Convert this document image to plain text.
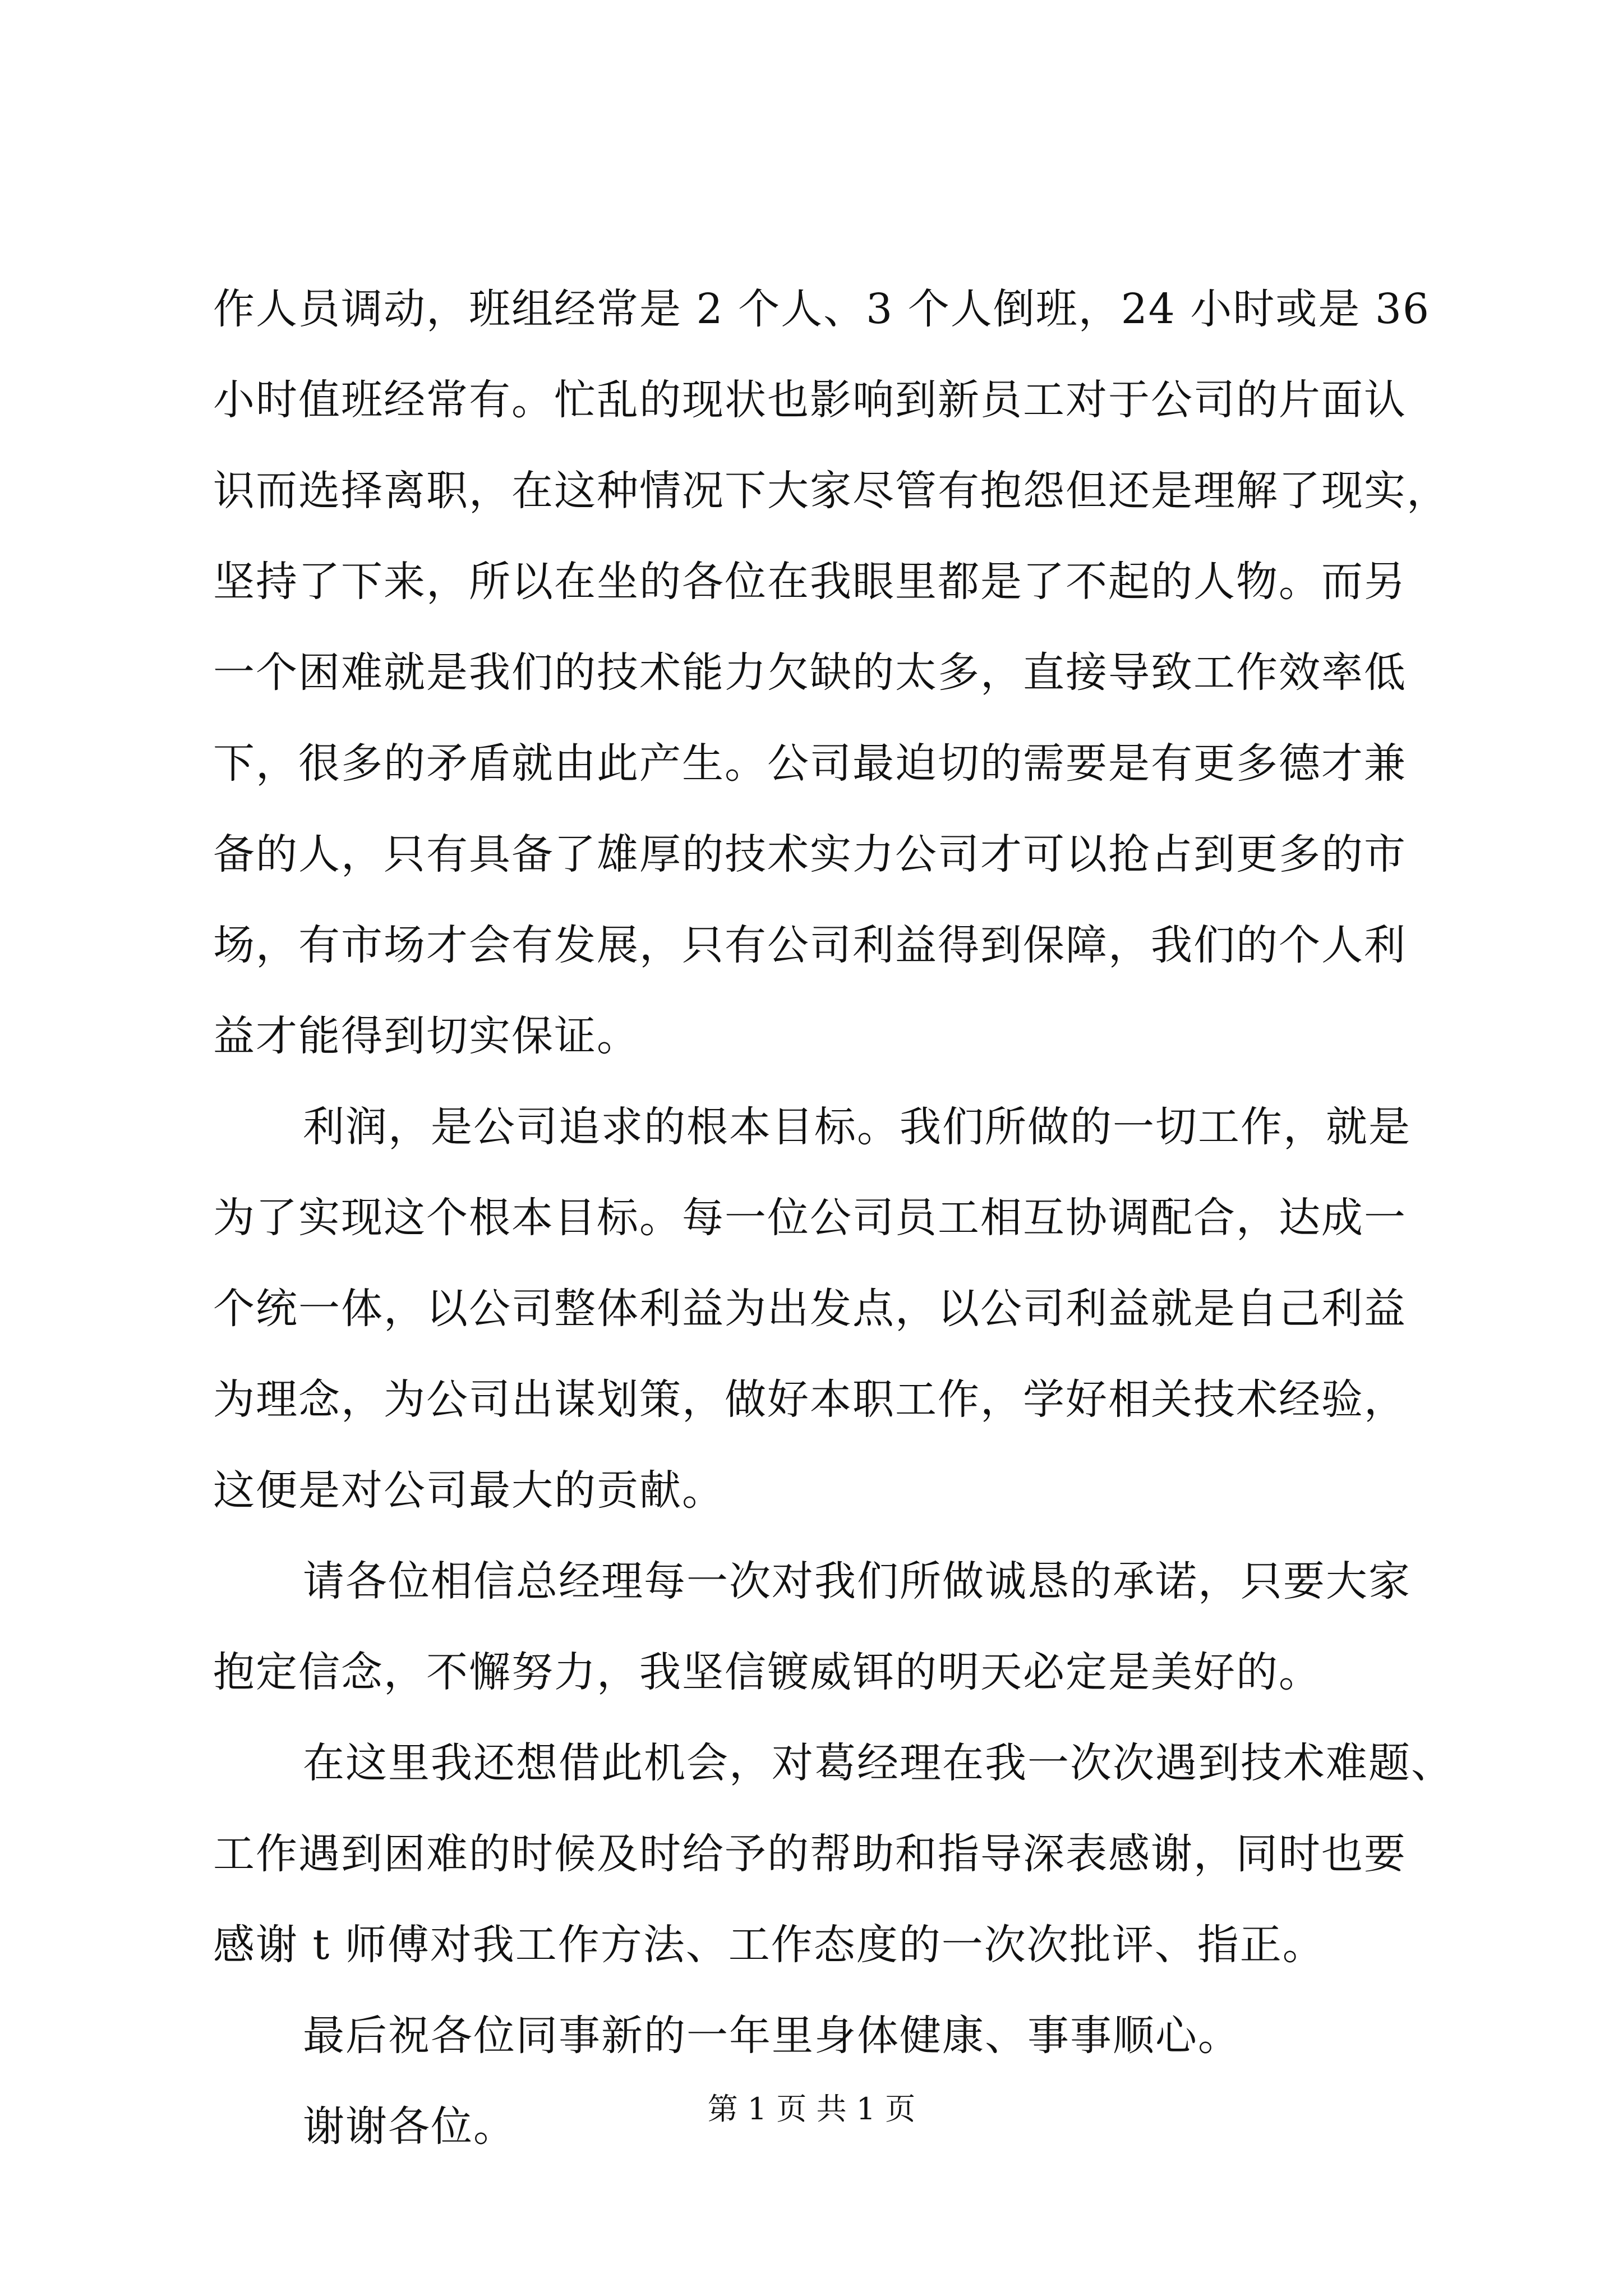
作人员调动，班组经常是 2 个人、3 个人倒班，24 小时或是 36
小时值班经常有。忙乱的现状也影响到新员工对于公司的片面认
识而选择离职，在这种情况下大家尽管有抱怨但还是理解了现实，
坚持了下来，所以在坐的各位在我眼里都是了不起的人物。而另
一个困难就是我们的技术能力欠缺的太多，直接导致工作效率低
下，很多的矛盾就由此产生。公司最迫切的需要是有更多德才兼
备的人，只有具备了雄厚的技术实力公司才可以抢占到更多的市
场，有市场才会有发展，只有公司利益得到保障，我们的个人利
益才能得到切实保证。
利润，是公司追求的根本目标。我们所做的一切工作，就是
为了实现这个根本目标。每一位公司员工相互协调配合，达成一
个统一体，以公司整体利益为出发点，以公司利益就是自己利益
为理念，为公司出谋划策，做好本职工作，学好相关技术经验，
这便是对公司最大的贡献。
请各位相信总经理每一次对我们所做诚恳的承诺，只要大家
抱定信念，不懈努力，我坚信镀威铒的明天必定是美好的。
在这里我还想借此机会，对葛经理在我一次次遇到技术难题、
工作遇到困难的时候及时给予的帮助和指导深表感谢，同时也要
感谢 t 师傅对我工作方法、工作态度的一次次批评、指正。
最后祝各位同事新的一年里身体健康、事事顺心。
谢谢各位。	第 1 页 共 1 页
